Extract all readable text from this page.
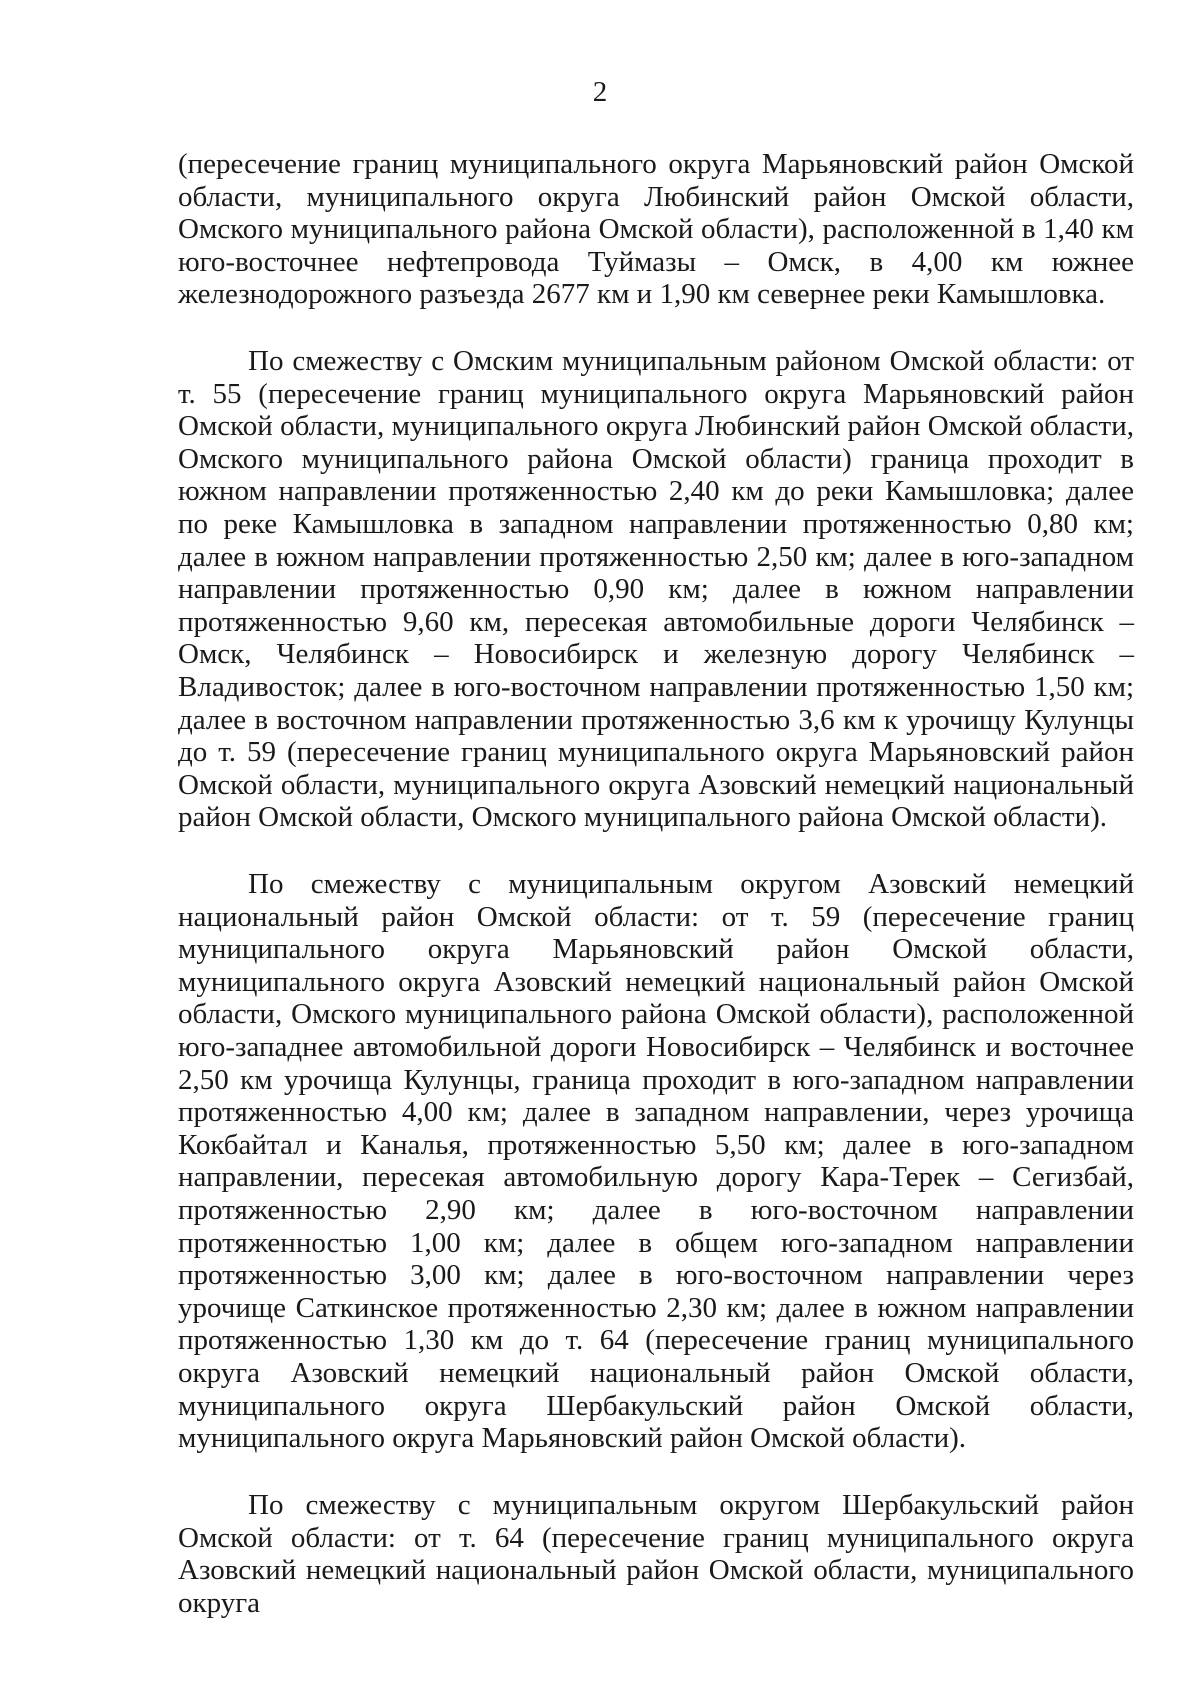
2

(пересечение границ муниципального округа Марьяновский район Омской области, муниципального округа Любинский район Омской области, Омского муниципального района Омской области), расположенной в 1,40 км юго-восточнее нефтепровода Туймазы – Омск, в 4,00 км южнее железнодорожного разъезда 2677 км и 1,90 км севернее реки Камышловка.

По смежеству с Омским муниципальным районом Омской области: от т. 55 (пересечение границ муниципального округа Марьяновский район Омской области, муниципального округа Любинский район Омской области, Омского муниципального района Омской области) граница проходит в южном направлении протяженностью 2,40 км до реки Камышловка; далее по реке Камышловка в западном направлении протяженностью 0,80 км; далее в южном направлении протяженностью 2,50 км; далее в юго-западном направлении протяженностью 0,90 км; далее в южном направлении протяженностью 9,60 км, пересекая автомобильные дороги Челябинск – Омск, Челябинск – Новосибирск и железную дорогу Челябинск – Владивосток; далее в юго-восточном направлении протяженностью 1,50 км; далее в восточном направлении протяженностью 3,6 км к урочищу Кулунцы до т. 59 (пересечение границ муниципального округа Марьяновский район Омской области, муниципального округа Азовский немецкий национальный район Омской области, Омского муниципального района Омской области).

По смежеству с муниципальным округом Азовский немецкий национальный район Омской области: от т. 59 (пересечение границ муниципального округа Марьяновский район Омской области, муниципального округа Азовский немецкий национальный район Омской области, Омского муниципального района Омской области), расположенной юго-западнее автомобильной дороги Новосибирск – Челябинск и восточнее 2,50 км урочища Кулунцы, граница проходит в юго-западном направлении протяженностью 4,00 км; далее в западном направлении, через урочища Кокбайтал и Каналья, протяженностью 5,50 км; далее в юго-западном направлении, пересекая автомобильную дорогу Кара-Терек – Сегизбай, протяженностью 2,90 км; далее в юго-восточном направлении протяженностью 1,00 км; далее в общем юго-западном направлении протяженностью 3,00 км; далее в юго-восточном направлении через урочище Саткинское протяженностью 2,30 км; далее в южном направлении протяженностью 1,30 км до т. 64 (пересечение границ муниципального округа Азовский немецкий национальный район Омской области, муниципального округа Шербакульский район Омской области, муниципального округа Марьяновский район Омской области).

По смежеству с муниципальным округом Шербакульский район Омской области: от т. 64 (пересечение границ муниципального округа Азовский немецкий национальный район Омской области, муниципального округа
